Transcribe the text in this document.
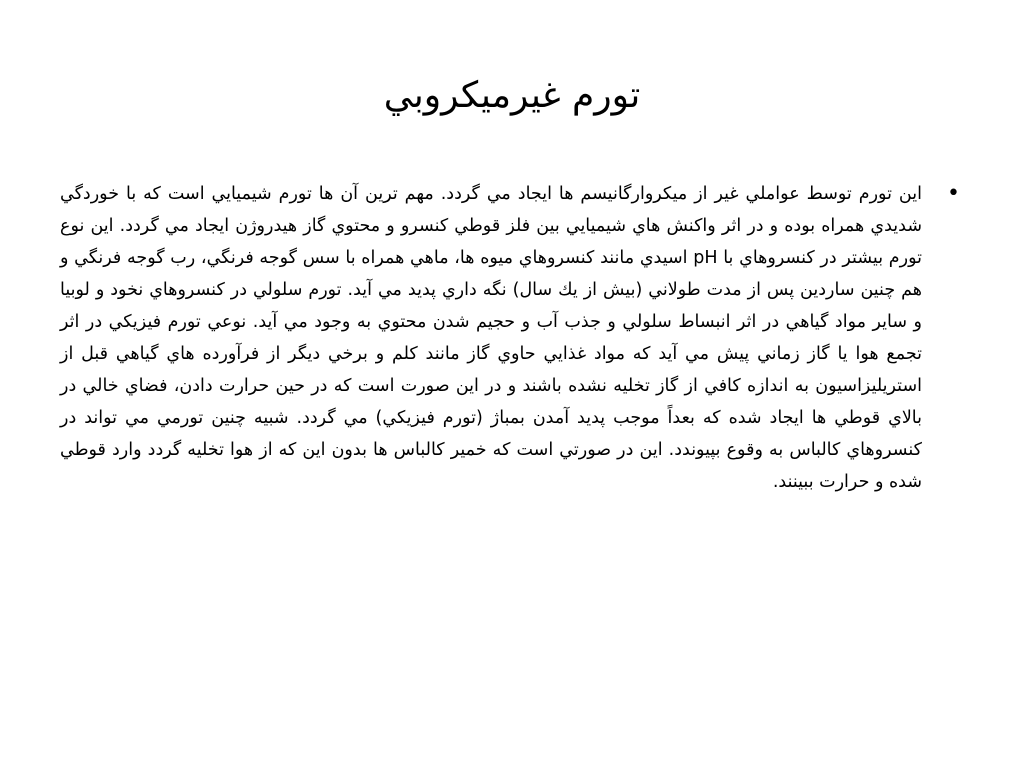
تورم غيرميكروبي
•

اين تورم توسط عواملي غير از ميكروارگانيسم ها ايجاد مي گردد. مهم ترين آن ها تورم شيميايي است كه با خوردگي شديدي همراه بوده و در اثر واكنش هاي شيميايي بين فلز قوطي كنسرو و محتوي گاز هيدروژن ايجاد مي گردد. اين نوع تورم بيشتر در كنسروهاي با pH اسيدي مانند كنسروهاي ميوه ها، ماهي همراه با سس گوجه فرنگي، رب گوجه فرنگي و هم چنين ساردين پس از مدت طولاني (بيش از يك سال) نگه داري پديد مي آيد. تورم سلولي در كنسروهاي نخود و لوبيا و ساير مواد گياهي در اثر انبساط سلولي و جذب آب و حجيم شدن محتوي به وجود مي آيد. نوعي تورم فيزيكي در اثر تجمع هوا يا گاز زماني پيش مي آيد كه مواد غذايي حاوي گاز مانند كلم و برخي ديگر از فرآورده هاي گياهي قبل از استريليزاسيون به اندازه كافي از گاز تخليه نشده باشند و در اين صورت است كه در حين حرارت دادن، فضاي خالي در بالاي قوطي ها ايجاد شده كه بعداً موجب پديد آمدن بمباژ (تورم فيزيكي) مي گردد. شبيه چنين تورمي مي تواند در كنسروهاي كالباس به وقوع بپيوندد. اين در صورتي است كه خمير كالباس ها بدون اين كه از هوا تخليه گردد وارد قوطي شده و حرارت ببينند.
